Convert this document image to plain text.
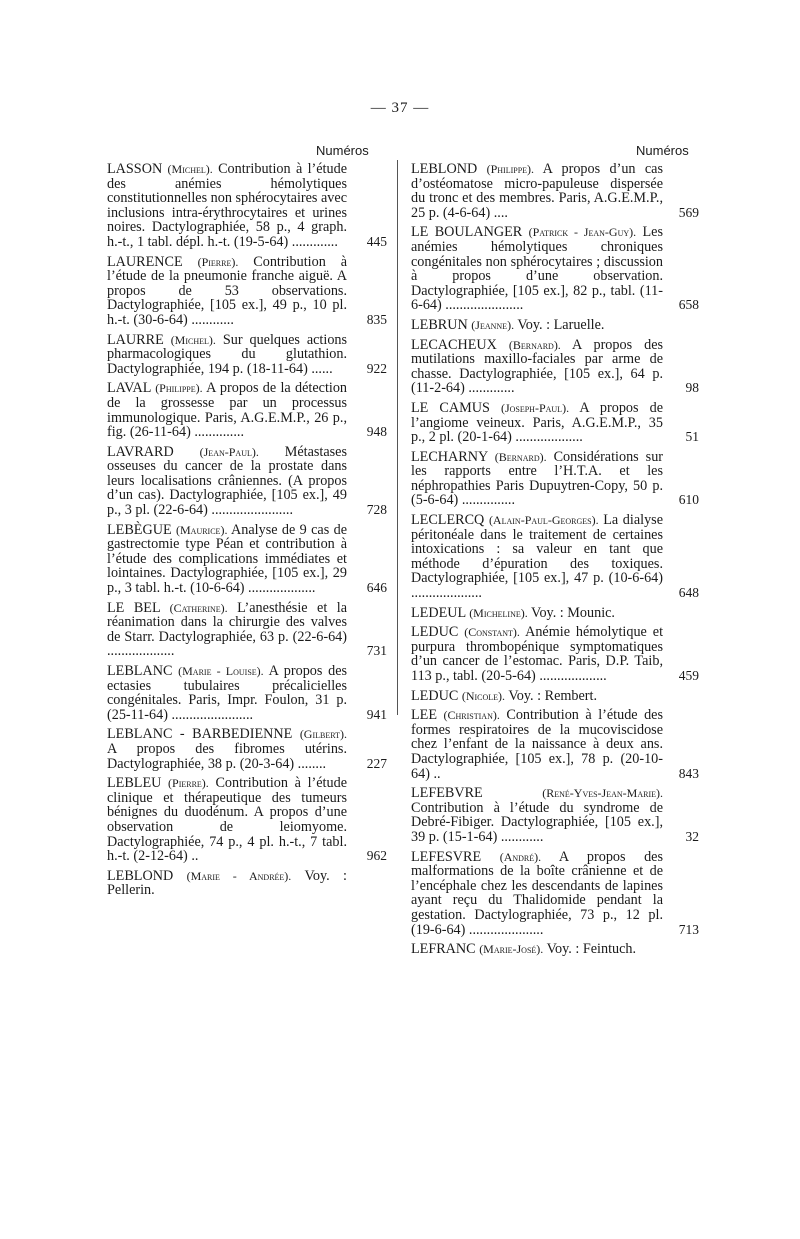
— 37 —
Numéros	Numéros
LASSON (Michel). Contribution à l’étude des anémies hémolytiques constitutionnelles non sphérocytaires avec inclusions intra-érythrocytaires et urines noires. Dactylographiée, 58 p., 4 graph. h.-t., 1 tabl. dépl. h.-t. (19-5-64) .............	445
LAURENCE (Pierre). Contribution à l’étude de la pneumonie franche aiguë. A propos de 53 observations. Dactylographiée, [105 ex.], 49 p., 10 pl. h.-t. (30-6-64) ............	835
LAURRE (Michel). Sur quelques actions pharmacologiques du glutathion. Dactylographiée, 194 p. (18-11-64) ......	922
LAVAL (Philippe). A propos de la détection de la grossesse par un processus immunologique. Paris, A.G.E.M.P., 26 p., fig. (26-11-64) ..............	948
LAVRARD (Jean-Paul). Métastases osseuses du cancer de la prostate dans leurs localisations crâniennes. (A propos d’un cas). Dactylographiée, [105 ex.], 49 p., 3 pl. (22-6-64) .......................	728
LEBÈGUE (Maurice). Analyse de 9 cas de gastrectomie type Péan et contribution à l’étude des complications immédiates et lointaines. Dactylographiée, [105 ex.], 29 p., 3 tabl. h.-t. (10-6-64) ...................	646
LE BEL (Catherine). L’anesthésie et la réanimation dans la chirurgie des valves de Starr. Dactylographiée, 63 p. (22-6-64) ...................	731
LEBLANC (Marie - Louise). A propos des ectasies tubulaires précalicielles congénitales. Paris, Impr. Foulon, 31 p. (25-11-64) .......................	941
LEBLANC - BARBEDIENNE (Gilbert). A propos des fibromes utérins. Dactylographiée, 38 p. (20-3-64) ........	227
LEBLEU (Pierre). Contribution à l’étude clinique et thérapeutique des tumeurs bénignes du duodénum. A propos d’une observation de leiomyome. Dactylographiée, 74 p., 4 pl. h.-t., 7 tabl. h.-t. (2-12-64) ..	962
LEBLOND (Marie - Andrée). Voy. : Pellerin.
LEBLOND (Philippe). A propos d’un cas d’ostéomatose micro-papuleuse dispersée du tronc et des membres. Paris, A.G.E.M.P., 25 p. (4-6-64) ....	569
LE BOULANGER (Patrick - Jean-Guy). Les anémies hémolytiques chroniques congénitales non sphérocytaires ; discussion à propos d’une observation. Dactylographiée, [105 ex.], 82 p., tabl. (11-6-64) ......................	658
LEBRUN (Jeanne). Voy. : Laruelle.
LECACHEUX (Bernard). A propos des mutilations maxillo-faciales par arme de chasse. Dactylographiée, [105 ex.], 64 p. (11-2-64) .............	98
LE CAMUS (Joseph-Paul). A propos de l’angiome veineux. Paris, A.G.E.M.P., 35 p., 2 pl. (20-1-64) ...................	51
LECHARNY (Bernard). Considérations sur les rapports entre l’H.T.A. et les néphropathies Paris Dupuytren-Copy, 50 p. (5-6-64) ...............	610
LECLERCQ (Alain-Paul-Georges). La dialyse péritonéale dans le traitement de certaines intoxications : sa valeur en tant que méthode d’épuration des toxiques. Dactylographiée, [105 ex.], 47 p. (10-6-64) ....................	648
LEDEUL (Micheline). Voy. : Mounic.
LEDUC (Constant). Anémie hémolytique et purpura thrombopénique symptomatiques d’un cancer de l’estomac. Paris, D.P. Taib, 113 p., tabl. (20-5-64) ...................	459
LEDUC (Nicole). Voy. : Rembert.
LEE (Christian). Contribution à l’étude des formes respiratoires de la mucoviscidose chez l’enfant de la naissance à deux ans. Dactylographiée, [105 ex.], 78 p. (20-10-64) ..	843
LEFEBVRE	(René-Yves-Jean-Marie). Contribution à l’étude du syndrome de Debré-Fibiger. Dactylographiée, [105 ex.], 39 p. (15-1-64) ............	32
LEFESVRE (André). A propos des malformations de la boîte crânienne et de l’encéphale chez les descendants de lapines ayant reçu du Thalidomide pendant la gestation. Dactylographiée, 73 p., 12 pl. (19-6-64) .....................	713
LEFRANC (Marie-José). Voy. : Feintuch.
